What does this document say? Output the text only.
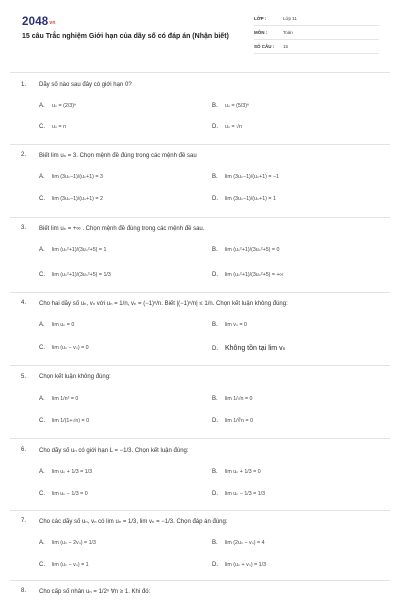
2048vn
15 câu Trắc nghiệm Giới hạn của dãy số có đáp án (Nhận biết)
LỚP :	Lớp 11
MÔN :	Toán
SỐ CÂU : 15
1. Dãy số nào sau đây có giới hạn 0?
A. uₙ = (2/3)ⁿ	B. uₙ = (5/3)ⁿ
C. uₙ = n	D. uₙ = √n
2. Biết lim uₙ = 3. Chọn mệnh đề đúng trong các mệnh đề sau
A. lim (3uₙ−1)/(uₙ+1) = 3	B. lim (3uₙ−1)/(uₙ+1) = −1
C. lim (3uₙ−1)/(uₙ+1) = 2	D. lim (3uₙ−1)/(uₙ+1) = 1
3. Biết lim uₙ = +∞ . Chọn mệnh đề đúng trong các mệnh đề sau.
A. lim (uₙ²+1)/(3uₙ²+5) = 1	B. lim (uₙ²+1)/(3uₙ²+5) = 0
C. lim (uₙ²+1)/(3uₙ²+5) = 1/3	D. lim (uₙ²+1)/(3uₙ²+5) = +∞
4. Cho hai dãy số uₙ, vₙ với uₙ = 1/n, vₙ = (−1)ⁿ/n. Biết |(−1)ⁿ/n| ≤ 1/n. Chọn kết luận không đúng:
A. lim uₙ = 0	B. lim vₙ = 0
C. lim (uₙ − vₙ) = 0	D. Không tồn tại lim vₙ
5. Chọn kết luận không đúng:
A. lim 1/n² = 0	B. lim 1/√n = 0
C. lim 1/(1+√n) = 0	D. lim 1/∛n = 0
6. Cho dãy số uₙ có giới hạn L = −1/3. Chọn kết luận đúng:
A. lim uₙ + 1/3 = 1/3	B. lim uₙ + 1/3 = 0
C. lim uₙ − 1/3 = 0	D. lim uₙ − 1/3 = 1/3
7. Cho các dãy số uₙ, vₙ có lim uₙ = 1/3, lim vₙ = −1/3. Chọn đáp án đúng:
A. lim (uₙ − 2vₙ) = 1/3	B. lim (2uₙ − vₙ) = 4
C. lim (uₙ − vₙ) = 1	D. lim (uₙ + vₙ) = 1/3
8. Cho cấp số nhân uₙ = 1/2ⁿ ∀n ≥ 1. Khi đó:
